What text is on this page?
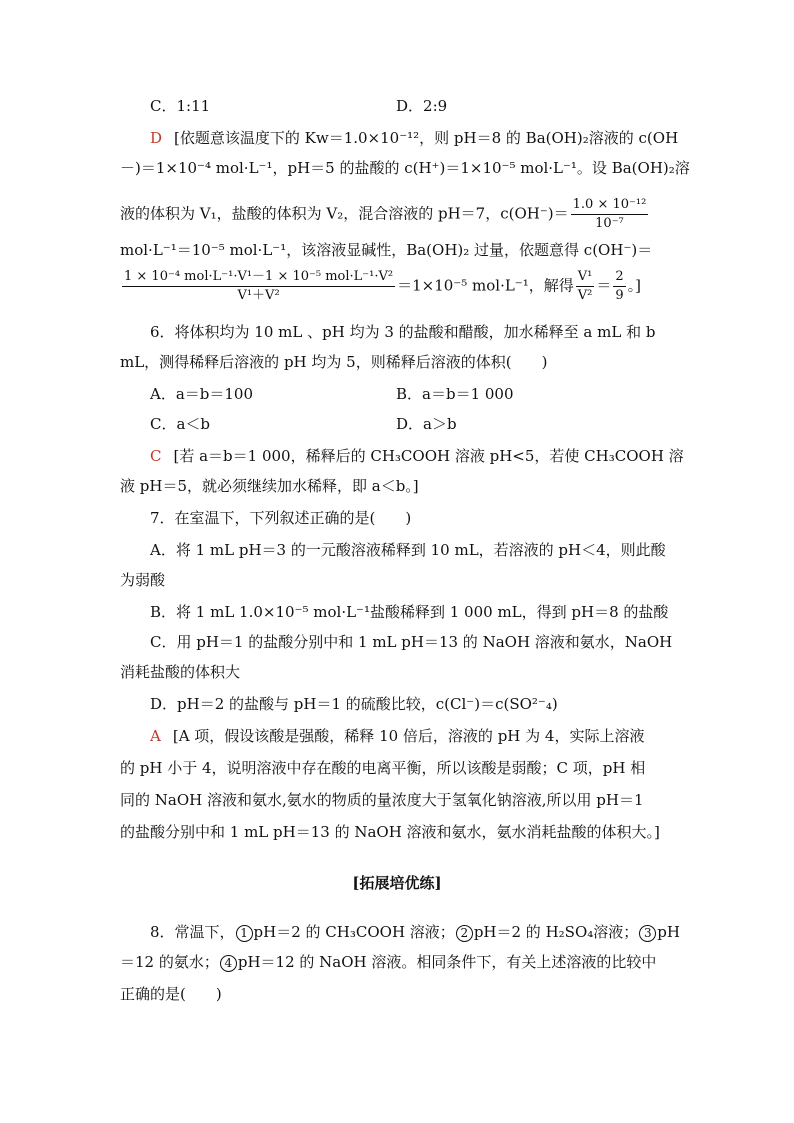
C．1:11	D．2:9
D [依题意该温度下的 Kw＝1.0×10⁻¹²，则 pH＝8 的 Ba(OH)₂溶液的 c(OH
－)＝1×10⁻⁴ mol·L⁻¹，pH＝5 的盐酸的 c(H⁺)＝1×10⁻⁵ mol·L⁻¹。设 Ba(OH)₂溶
液的体积为 V₁，盐酸的体积为 V₂，混合溶液的 pH＝7，$c(OH^-)= \frac{\text{1.0 × 10⁻¹²}}{\text{10⁻⁷}}$
mol·L⁻¹＝10⁻⁵ mol·L⁻¹，该溶液显碱性，Ba(OH)₂ 过量，依题意得 c(OH⁻)＝
$\frac{\text{1 × 10⁻⁴ mol·L⁻¹·V¹－1 × 10⁻⁵ mol·L⁻¹·V²}}{\text{V¹＋V²}} =1\times 10^{-5}$ mol·L⁻¹，解得 $\frac{\text{V¹}}{\text{V²}} = \frac{2}{9}$ 。]
6．将体积均为 10 mL 、pH 均为 3 的盐酸和醋酸，加水稀释至 a mL 和 b
mL，测得稀释后溶液的 pH 均为 5，则稀释后溶液的体积(　　)
A．a＝b＝100	B．a＝b＝1 000
C．a＜b	D．a＞b
C [若 a＝b＝1 000，稀释后的 CH₃COOH 溶液 pH<5，若使 CH₃COOH 溶
液 pH＝5，就必须继续加水稀释，即 a＜b。]
7．在室温下，下列叙述正确的是(　　)
A．将 1 mL pH＝3 的一元酸溶液稀释到 10 mL，若溶液的 pH＜4，则此酸
为弱酸
B．将 1 mL 1.0×10⁻⁵ mol·L⁻¹盐酸稀释到 1 000 mL，得到 pH＝8 的盐酸
C．用 pH＝1 的盐酸分别中和 1 mL pH＝13 的 NaOH 溶液和氨水，NaOH
消耗盐酸的体积大
D．pH＝2 的盐酸与 pH＝1 的硫酸比较，c(Cl⁻)＝c(SO²⁻₄)
A [A 项，假设该酸是强酸，稀释 10 倍后，溶液的 pH 为 4，实际上溶液
的 pH 小于 4，说明溶液中存在酸的电离平衡，所以该酸是弱酸；C 项，pH 相
同的 NaOH 溶液和氨水,氨水的物质的量浓度大于氢氧化钠溶液,所以用 pH＝1
的盐酸分别中和 1 mL pH＝13 的 NaOH 溶液和氨水，氨水消耗盐酸的体积大。]
[拓展培优练]
8．常温下， 1 pH＝2 的 CH₃COOH 溶液； 2 pH＝2 的 H₂SO₄溶液； 3 pH
＝12 的氨水； 4 pH＝12 的 NaOH 溶液。相同条件下，有关上述溶液的比较中
正确的是(　　)
